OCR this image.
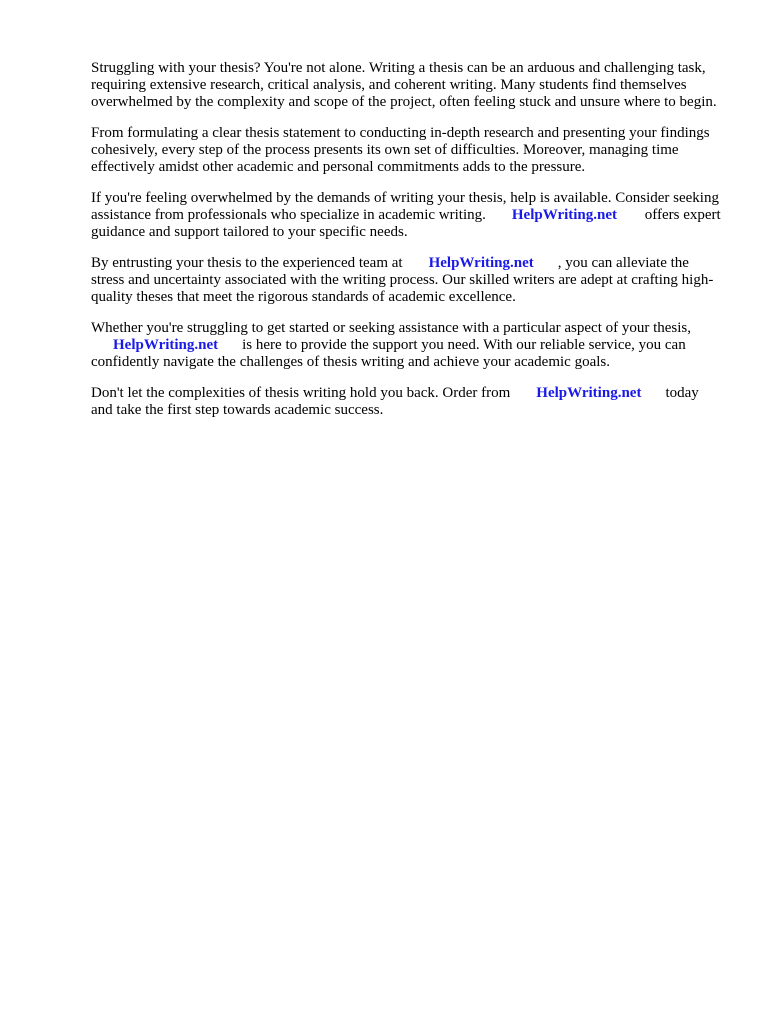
Struggling with your thesis? You're not alone. Writing a thesis can be an arduous and challenging task, requiring extensive research, critical analysis, and coherent writing. Many students find themselves overwhelmed by the complexity and scope of the project, often feeling stuck and unsure where to begin.

From formulating a clear thesis statement to conducting in-depth research and presenting your findings cohesively, every step of the process presents its own set of difficulties. Moreover, managing time effectively amidst other academic and personal commitments adds to the pressure.

If you're feeling overwhelmed by the demands of writing your thesis, help is available. Consider seeking assistance from professionals who specialize in academic writing. HelpWriting.net offers expert guidance and support tailored to your specific needs.

By entrusting your thesis to the experienced team at HelpWriting.net , you can alleviate the stress and uncertainty associated with the writing process. Our skilled writers are adept at crafting high-quality theses that meet the rigorous standards of academic excellence.

Whether you're struggling to get started or seeking assistance with a particular aspect of your thesis, HelpWriting.net is here to provide the support you need. With our reliable service, you can confidently navigate the challenges of thesis writing and achieve your academic goals.

Don't let the complexities of thesis writing hold you back. Order from HelpWriting.net today and take the first step towards academic success.
